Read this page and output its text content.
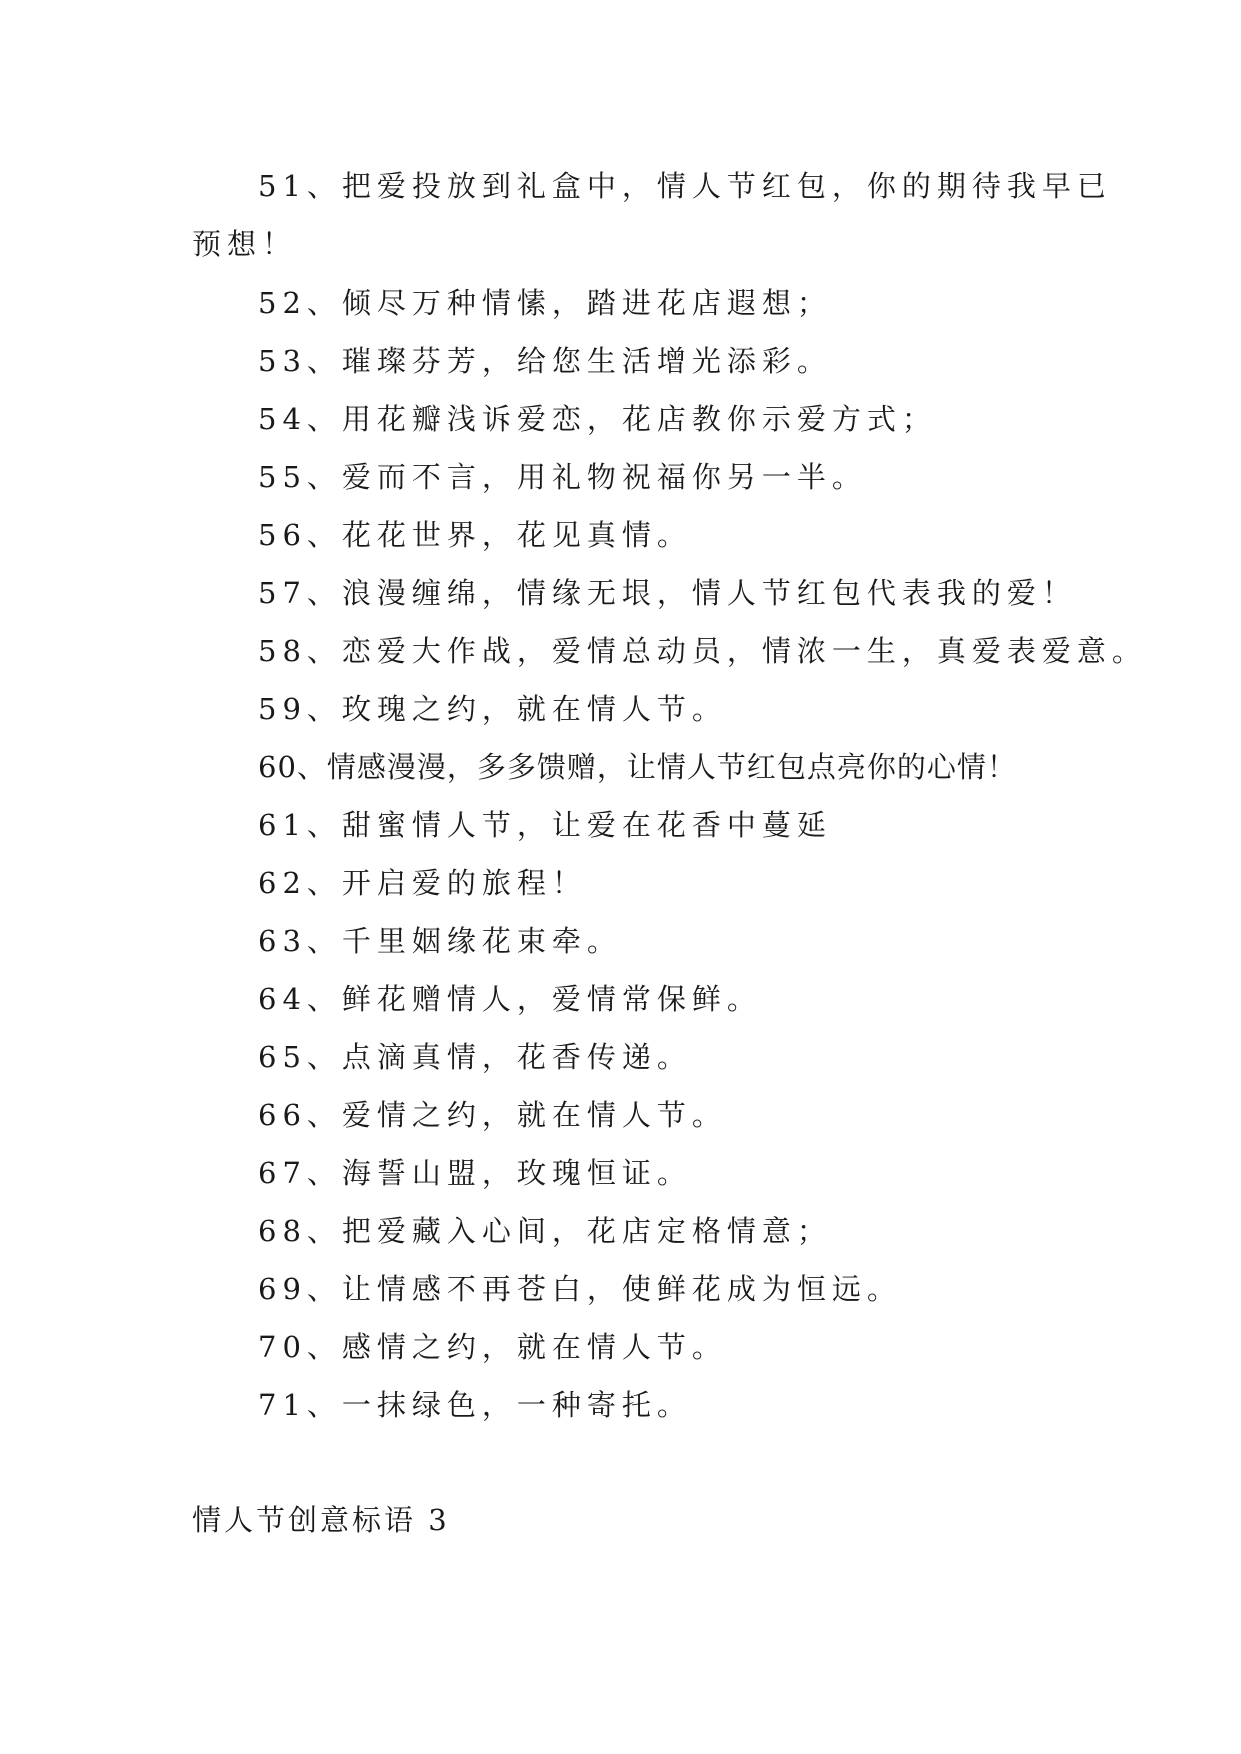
51、把爱投放到礼盒中，情人节红包，你的期待我早已
预想！
52、倾尽万种情愫，踏进花店遐想；
53、璀璨芬芳，给您生活增光添彩。
54、用花瓣浅诉爱恋，花店教你示爱方式；
55、爱而不言，用礼物祝福你另一半。
56、花花世界，花见真情。
57、浪漫缠绵，情缘无垠，情人节红包代表我的爱！
58、恋爱大作战，爱情总动员，情浓一生，真爱表爱意。
59、玫瑰之约，就在情人节。
60、情感漫漫，多多馈赠，让情人节红包点亮你的心情！
61、甜蜜情人节，让爱在花香中蔓延
62、开启爱的旅程！
63、千里姻缘花束牵。
64、鲜花赠情人，爱情常保鲜。
65、点滴真情，花香传递。
66、爱情之约，就在情人节。
67、海誓山盟，玫瑰恒证。
68、把爱藏入心间，花店定格情意；
69、让情感不再苍白，使鲜花成为恒远。
70、感情之约，就在情人节。
71、一抹绿色，一种寄托。
情人节创意标语 3
